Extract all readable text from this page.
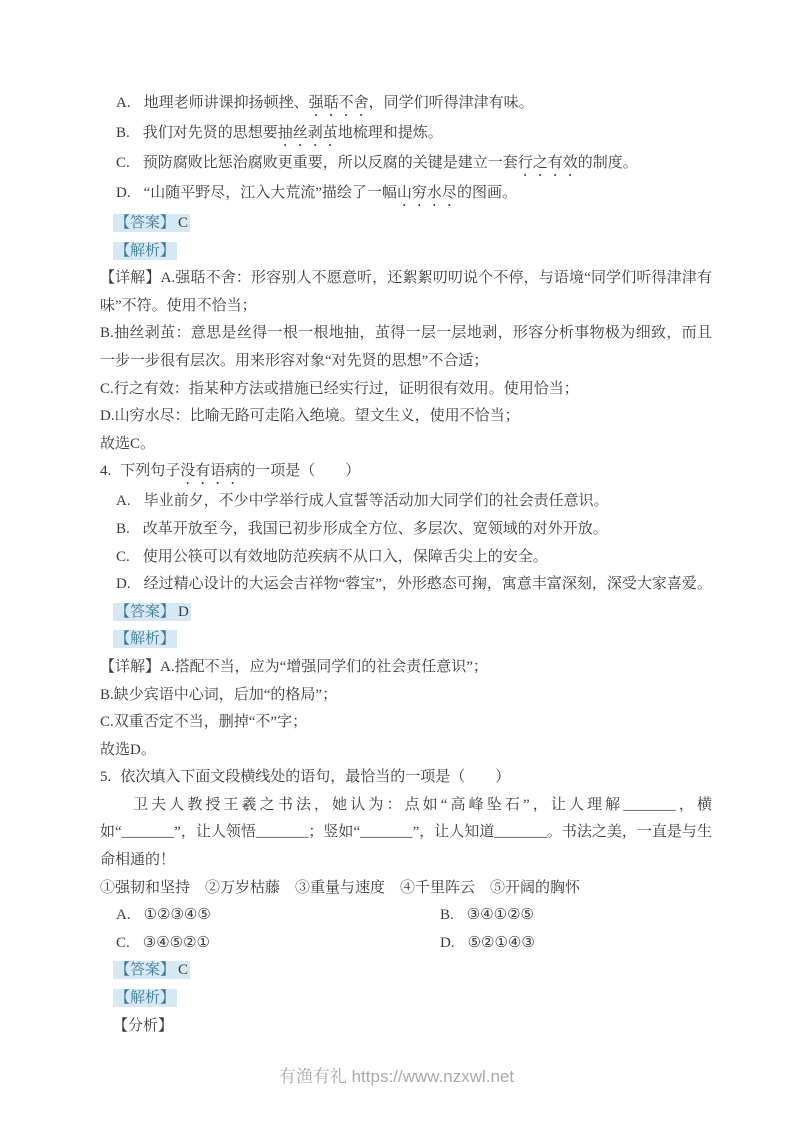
A. 地理老师讲课抑扬顿挫、强聒不舍，同学们听得津津有味。
B. 我们对先贤的思想要抽丝剥茧地梳理和提炼。
C. 预防腐败比惩治腐败更重要，所以反腐的关键是建立一套行之有效的制度。
D. “山随平野尽，江入大荒流”描绘了一幅山穷水尽的图画。
【答案】 C
【解析】

【详解】A.强聒不舍：形容别人不愿意听，还絮絮叨叨说个不停，与语境“同学们听得津津有味”不符。使用不恰当；

B.抽丝剥茧：意思是丝得一根一根地抽，茧得一层一层地剥，形容分析事物极为细致，而且一步一步很有层次。用来形容对象“对先贤的思想”不合适；

C.行之有效：指某种方法或措施已经实行过，证明很有效用。使用恰当；

D.山穷水尽：比喻无路可走陷入绝境。望文生义，使用不恰当；

故选C。

4. 下列句子没有语病的一项是（　　）
A. 毕业前夕，不少中学举行成人宣誓等活动加大同学们的社会责任意识。
B. 改革开放至今，我国已初步形成全方位、多层次、宽领域的对外开放。
C. 使用公筷可以有效地防范疾病不从口入，保障舌尖上的安全。
D. 经过精心设计的大运会吉祥物“蓉宝”，外形憨态可掬，寓意丰富深刻，深受大家喜爱。
【答案】 D
【解析】

【详解】A.搭配不当，应为“增强同学们的社会责任意识”；

B.缺少宾语中心词，后加“的格局”；

C.双重否定不当，删掉“不”字；

故选D。

5. 依次填入下面文段横线处的语句，最恰当的一项是（　　）

卫夫人教授王羲之书法，她认为：点如“高峰坠石”，让人理解_______，横如“_______”，让人领悟_______；竖如“_______”，让人知道_______。书法之美，一直是与生命相通的！

①强韧和坚持　②万岁枯藤　③重量与速度　④千里阵云　⑤开阔的胸怀
A. ①②③④⑤	B. ③④①②⑤
C. ③④⑤②①	D. ⑤②①④③
【答案】 C
【解析】
【分析】
有渔有礼 https://www.nzxwl.net
